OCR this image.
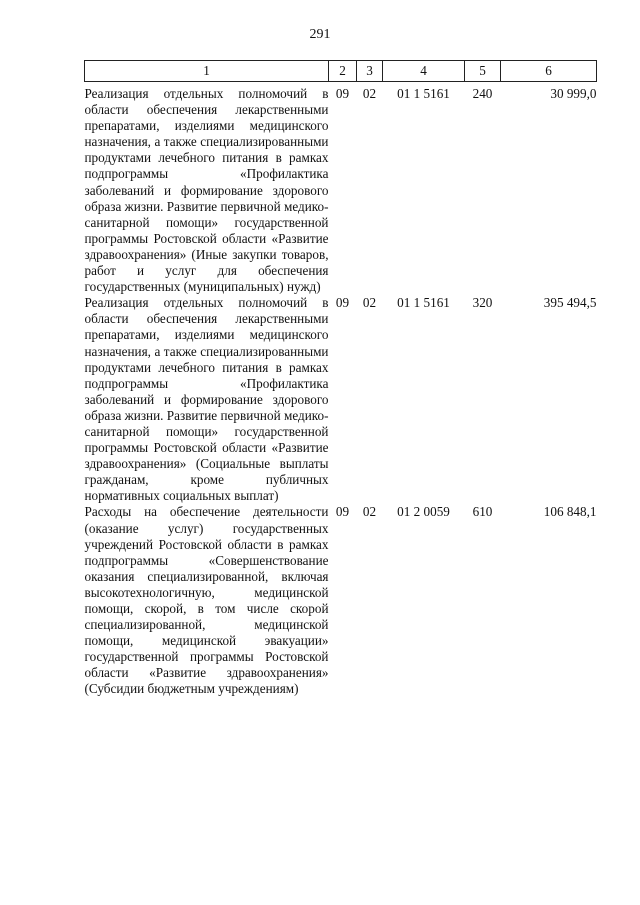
291
1	2	3	4	5	6

Реализация отдельных полномочий в области обеспечения лекарственными препаратами, изделиями медицинского назначения, а также специализированными продуктами лечебного питания в рамках подпрограммы «Профилактика заболеваний и формирование здорового образа жизни. Развитие первичной медико-санитарной помощи» государственной программы Ростовской области «Развитие здравоохранения» (Иные закупки товаров, работ и услуг для обеспечения государственных (муниципальных) нужд)	09	02	01 1 5161	240	30 999,0
Реализация отдельных полномочий в области обеспечения лекарственными препаратами, изделиями медицинского назначения, а также специализированными продуктами лечебного питания в рамках подпрограммы «Профилактика заболеваний и формирование здорового образа жизни. Развитие первичной медико-санитарной помощи» государственной программы Ростовской области «Развитие здравоохранения» (Социальные выплаты гражданам, кроме публичных нормативных социальных выплат)	09	02	01 1 5161	320	395 494,5
Расходы на обеспечение деятельности (оказание услуг) государственных учреждений Ростовской области в рамках подпрограммы «Совершенствование оказания специализированной, включая высокотехнологичную, медицинской помощи, скорой, в том числе скорой специализированной, медицинской помощи, медицинской эвакуации» государственной программы Ростовской области «Развитие здравоохранения» (Субсидии бюджетным учреждениям)	09	02	01 2 0059	610	106 848,1
